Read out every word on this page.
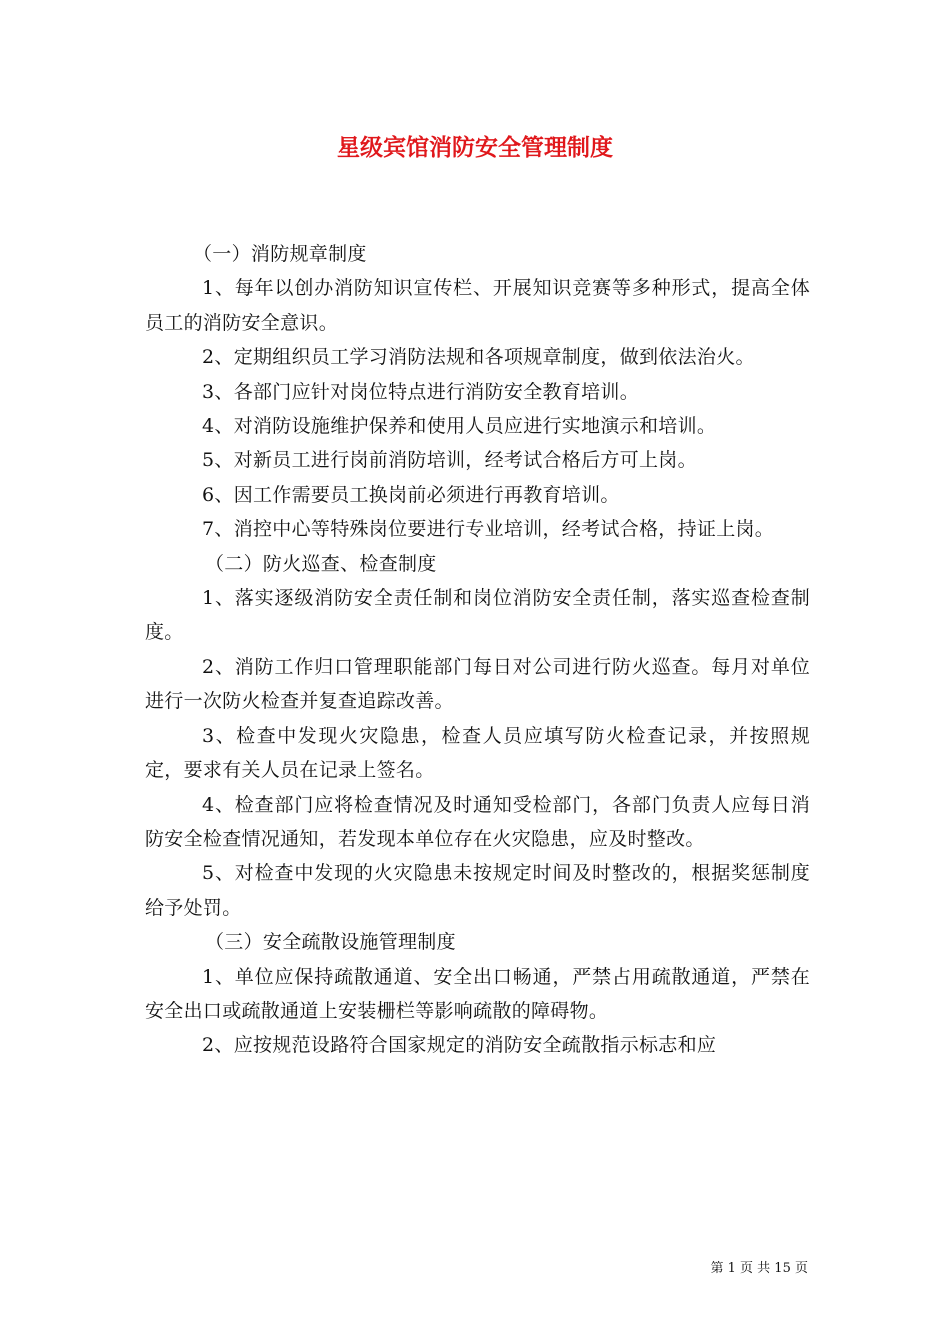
星级宾馆消防安全管理制度

（一）消防规章制度

1、每年以创办消防知识宣传栏、开展知识竞赛等多种形式，提高全体员工的消防安全意识。

2、定期组织员工学习消防法规和各项规章制度，做到依法治火。

3、各部门应针对岗位特点进行消防安全教育培训。

4、对消防设施维护保养和使用人员应进行实地演示和培训。

5、对新员工进行岗前消防培训，经考试合格后方可上岗。

6、因工作需要员工换岗前必须进行再教育培训。

7、消控中心等特殊岗位要进行专业培训，经考试合格，持证上岗。

（二）防火巡查、检查制度

1、落实逐级消防安全责任制和岗位消防安全责任制，落实巡查检查制度。

2、消防工作归口管理职能部门每日对公司进行防火巡查。每月对单位进行一次防火检查并复查追踪改善。

3、检查中发现火灾隐患，检查人员应填写防火检查记录，并按照规定，要求有关人员在记录上签名。

4、检查部门应将检查情况及时通知受检部门，各部门负责人应每日消防安全检查情况通知，若发现本单位存在火灾隐患，应及时整改。

5、对检查中发现的火灾隐患未按规定时间及时整改的，根据奖惩制度给予处罚。

（三）安全疏散设施管理制度

1、单位应保持疏散通道、安全出口畅通，严禁占用疏散通道，严禁在安全出口或疏散通道上安装栅栏等影响疏散的障碍物。

2、应按规范设路符合国家规定的消防安全疏散指示标志和应

第 1 页 共 15 页
